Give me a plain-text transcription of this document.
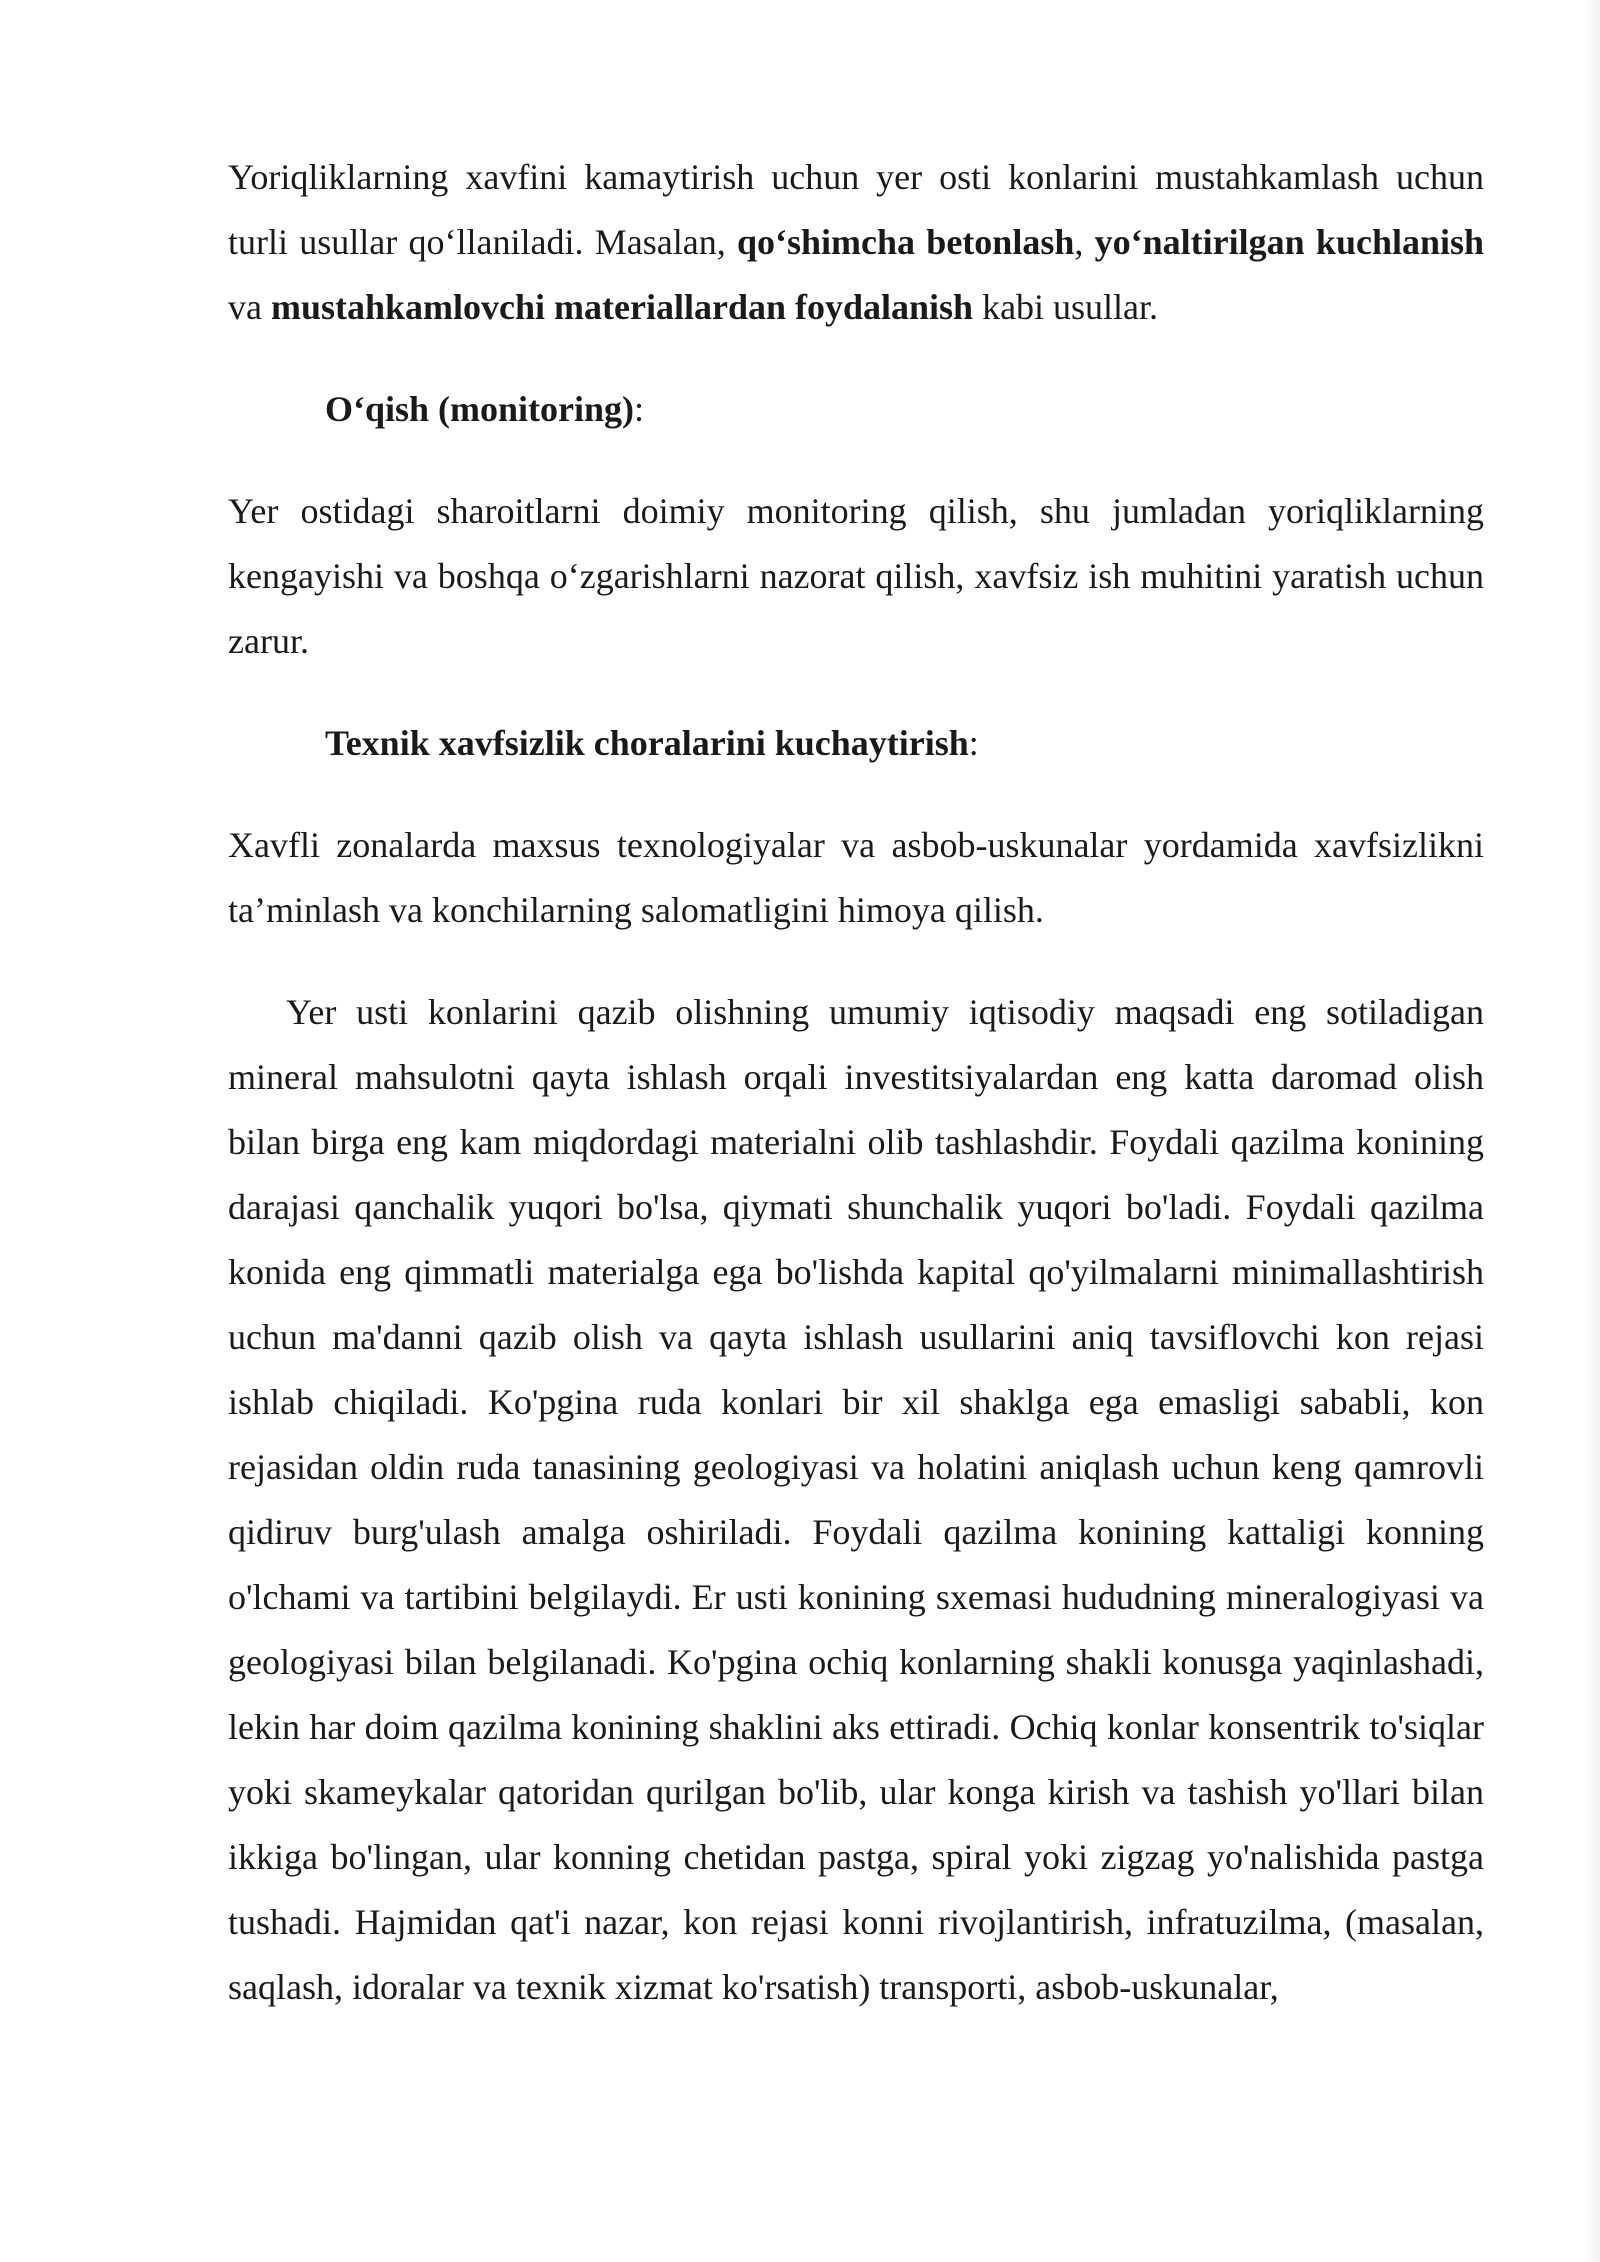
Yoriqliklarning xavfini kamaytirish uchun yer osti konlarini mustahkamlash uchun turli usullar qo‘llaniladi. Masalan, qo‘shimcha betonlash, yo‘naltirilgan kuchlanish va mustahkamlovchi materiallardan foydalanish kabi usullar.

O‘qish (monitoring):

Yer ostidagi sharoitlarni doimiy monitoring qilish, shu jumladan yoriqliklarning kengayishi va boshqa o‘zgarishlarni nazorat qilish, xavfsiz ish muhitini yaratish uchun zarur.

Texnik xavfsizlik choralarini kuchaytirish:

Xavfli zonalarda maxsus texnologiyalar va asbob-uskunalar yordamida xavfsizlikni ta’minlash va konchilarning salomatligini himoya qilish.

Yer usti konlarini qazib olishning umumiy iqtisodiy maqsadi eng sotiladigan mineral mahsulotni qayta ishlash orqali investitsiyalardan eng katta daromad olish bilan birga eng kam miqdordagi materialni olib tashlashdir. Foydali qazilma konining darajasi qanchalik yuqori bo'lsa, qiymati shunchalik yuqori bo'ladi. Foydali qazilma konida eng qimmatli materialga ega bo'lishda kapital qo'yilmalarni minimallashtirish uchun ma'danni qazib olish va qayta ishlash usullarini aniq tavsiflovchi kon rejasi ishlab chiqiladi. Ko'pgina ruda konlari bir xil shaklga ega emasligi sababli, kon rejasidan oldin ruda tanasining geologiyasi va holatini aniqlash uchun keng qamrovli qidiruv burg'ulash amalga oshiriladi. Foydali qazilma konining kattaligi konning o'lchami va tartibini belgilaydi. Er usti konining sxemasi hududning mineralogiyasi va geologiyasi bilan belgilanadi. Ko'pgina ochiq konlarning shakli konusga yaqinlashadi, lekin har doim qazilma konining shaklini aks ettiradi. Ochiq konlar konsentrik to'siqlar yoki skameykalar qatoridan qurilgan bo'lib, ular konga kirish va tashish yo'llari bilan ikkiga bo'lingan, ular konning chetidan pastga, spiral yoki zigzag yo'nalishida pastga tushadi. Hajmidan qat'i nazar, kon rejasi konni rivojlantirish, infratuzilma, (masalan, saqlash, idoralar va texnik xizmat ko'rsatish) transporti, asbob-uskunalar,
